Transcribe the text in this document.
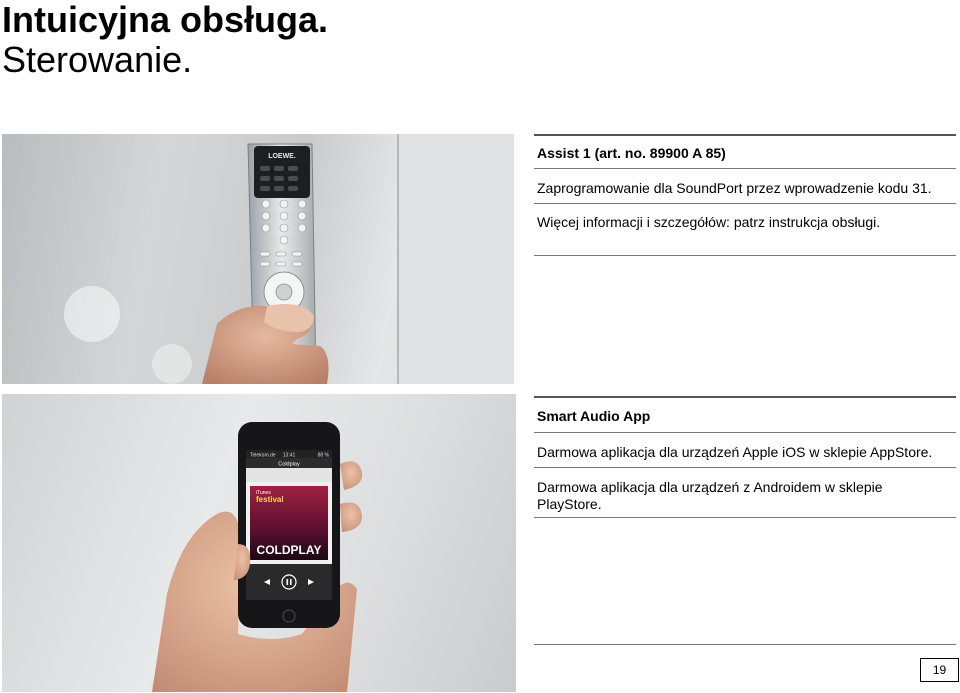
Intuicyjna obsługa.
Sterowanie.
LOEWE.
Telekom.de 13:41	88 %
Coldplay
iTunes
festival
COLDPLAY
Assist 1 (art. no. 89900 A 85)
Zaprogramowanie dla SoundPort przez wprowadzenie kodu 31.
Więcej informacji i szczegółów: patrz instrukcja obsługi.
Smart Audio App
Darmowa aplikacja dla urządzeń Apple iOS w sklepie AppStore.
Darmowa aplikacja dla urządzeń z Androidem w sklepie PlayStore.
19
